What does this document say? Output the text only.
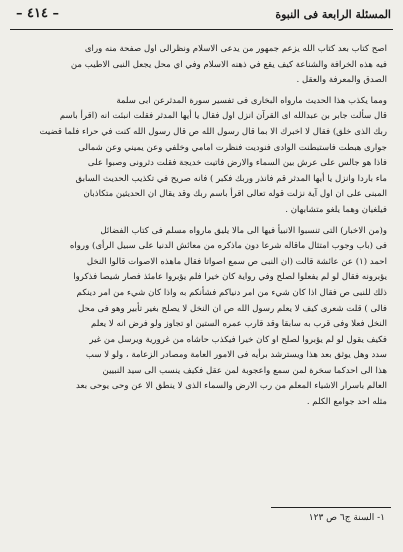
المسئلة الرابعة فى النبوة
– ٤١٤ –

اصح كتاب بعد كتاب الله يزعم جمهور من يدعى الاسلام ونظرالى اول صفحة منه وراى
فيه هذه الخرافة والشناعة كيف يقع في ذهنه الاسلام وفي اي محل يجعل النبى الاطيب من
الصدق والمعرفة والعقل .

ومما يكذب هذا الحديث مارواه البخارى فى تفسير سورة المدثرعن ابى سلمة
قال سألت جابر بن عبدالله اى القرآن انزل اول فقال يا أيها المدثر فقلت انبئت انه (اقرأ باسم
ربك الذى خلق) فقال لا اخبرك الا بما قال رسول الله ص قال رسول الله كنت في حراء فلما قضيت
جوارى هبطت فاستبطنت الوادى فنوديت فنظرت امامي وخلفي وعن يميني وعن شمالى
فاذا هو جالس على عرش بين السماء والارض فاتيت خديجة فقلت دثرونى وصبوا على
ماء باردا وانزل يا أيها المدثر قم فانذر وربك فكبر ) فانه صريح في تكذيب الحديث السابق
المبنى على ان اول آية نزلت قوله تعالى اقرأ باسم ربك وقد يقال ان الحديثين متكاذبان
فيلغيان وهما يلغو متشابهان .

و(من الاخبار) التى تنسبوا الانبيأ فيها الى مالا يليق مارواه مسلم فى كتاب الفضائل
فى (باب وجوب امتثال ماقاله شرعا دون ماذكره من معائش الدنيا على سبيل الرأى) ورواه
احمد (١) عن عائشة قالت (ان النبى ص سمع اصواتا فقال ماهذه الاصوات قالوا النخل
يؤبرونه فقال لو لم يفعلوا لصلح وفي رواية كان خيرا فلم يؤبروا عامئذ فصار شيصا فذكروا
ذلك للنبى ص فقال اذا كان شيء من امر دنياكم فشأنكم به واذا كان شيء من امر دينكم
فالى ) قلت شعرى كيف لا يعلم رسول الله ص ان النخل لا يصلح بغير تأبير وهو فى محل
النخل فعلا وفى قرب به سابقا وقد قارب عمره الستين او تجاوز ولو فرض انه لا يعلم
فكيف يقول لو لم يؤبروا لصلح او كان خيرا فيكذب حاشاه من غرورية ويرسل من غير
سدد وهل يوثق بعد هذا ويسترشد برأيه فى الامور العامة ومصادر الزعامة ، ولو لا سب
هذا الى احدكما سخرة لمن سمع واعجوبة لمن عقل فكيف ينسب الى سيد النبيين
العالم باسرار الاشياء المعلم من رب الارض والسماء الذى لا ينطق الا عن وحى يوحى بعد
مثله احد جوامع الكلم .

١- السنة ج٦ ص ١٢٣
